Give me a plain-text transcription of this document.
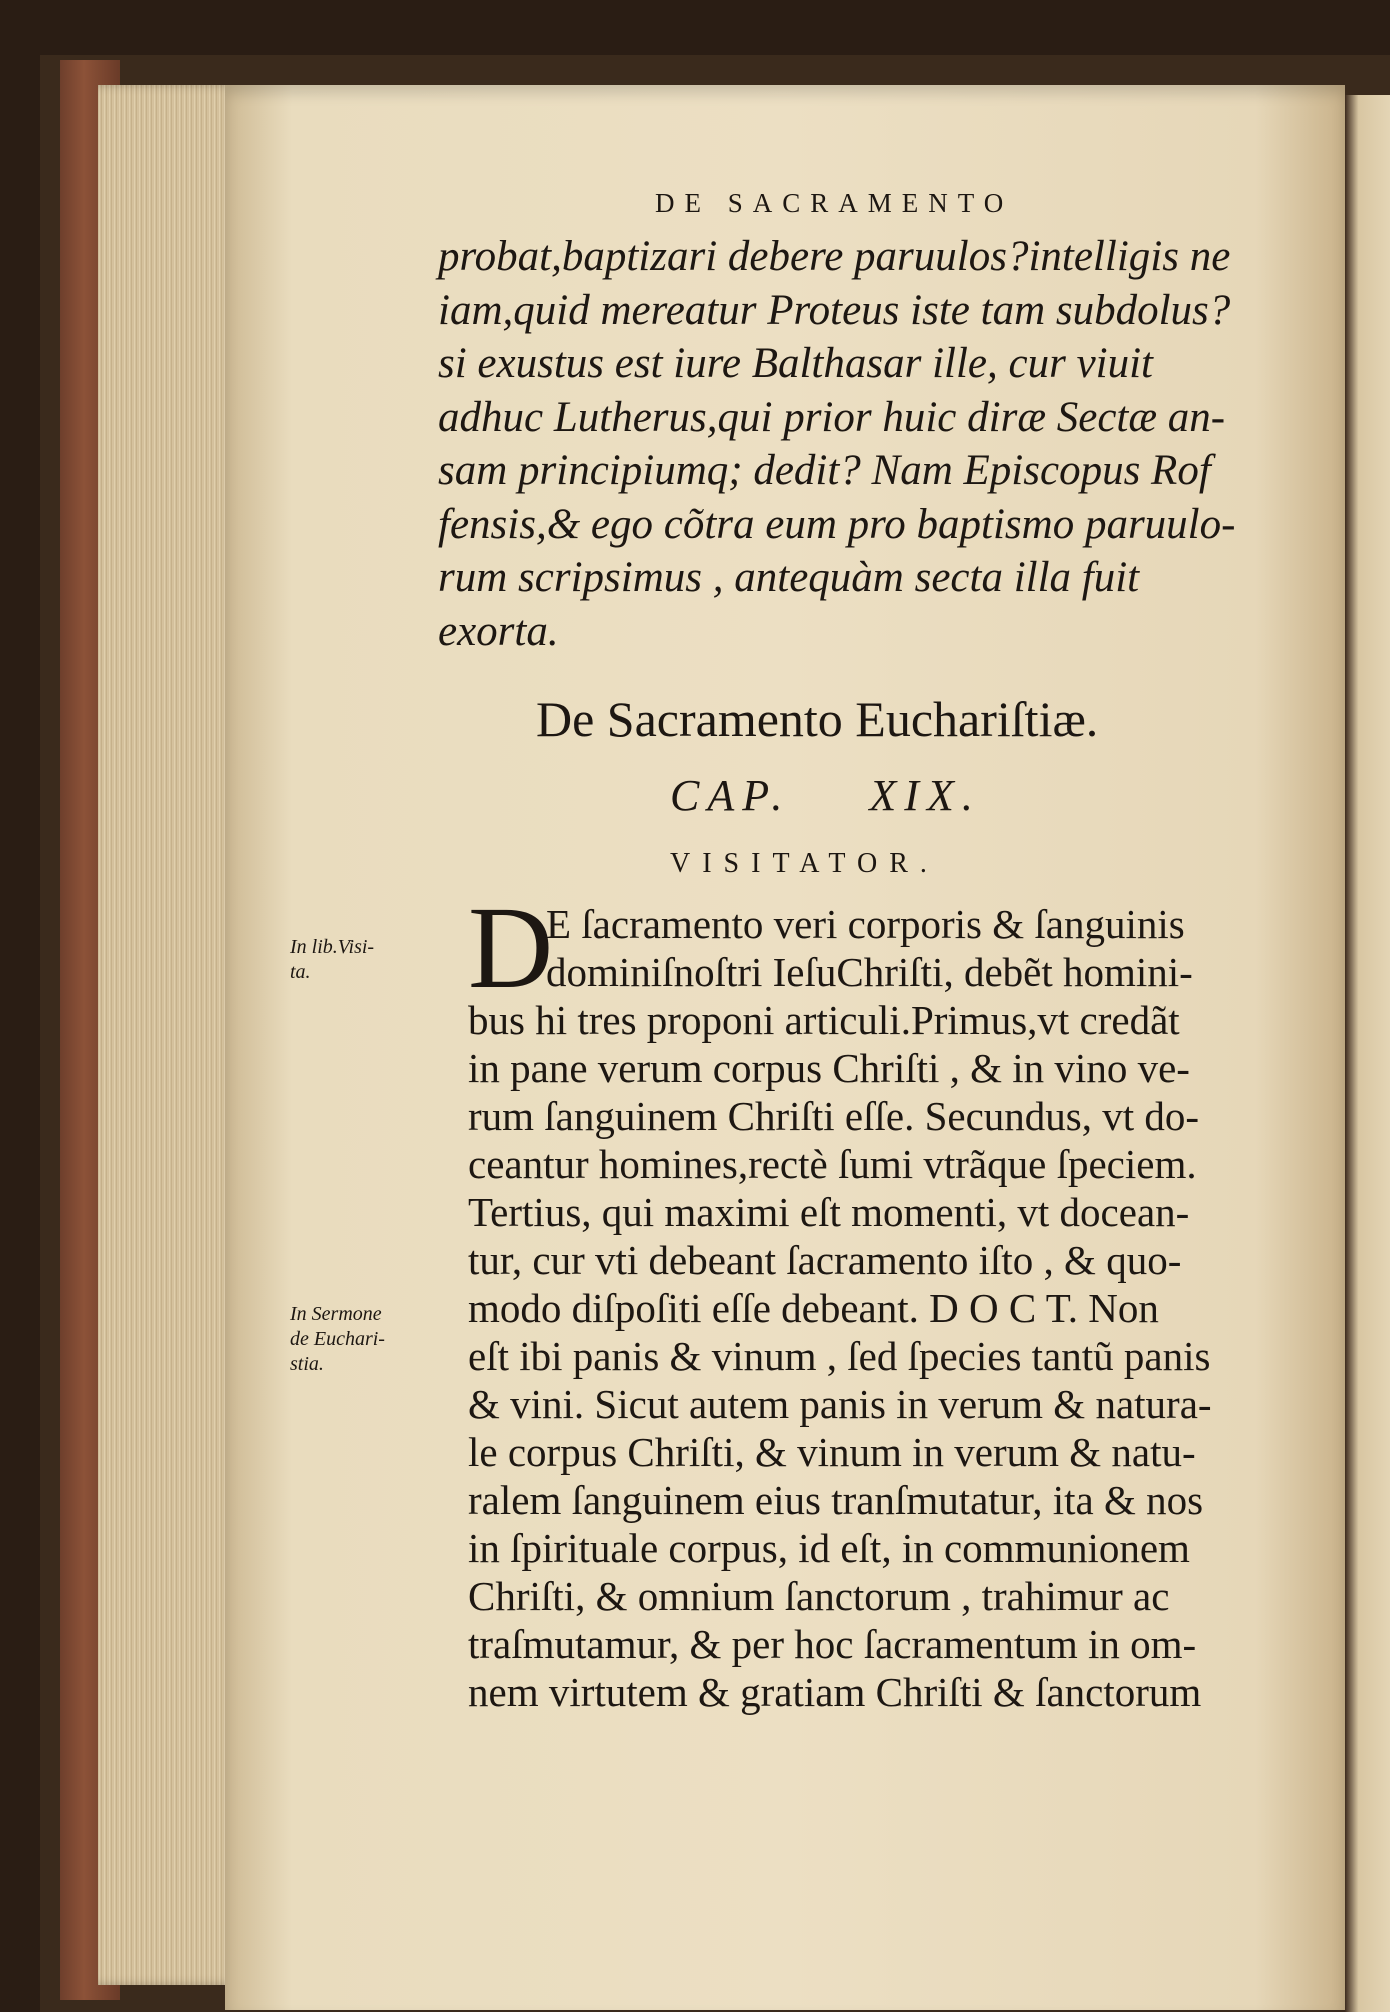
DE SACRAMENTO
probat,baptizari debere paruulos?intelligis ne
iam,quid mereatur Proteus iste tam subdolus?
si exustus est iure Balthasar ille, cur viuit
adhuc Lutherus,qui prior huic diræ Sectæ an-
sam principiumq; dedit? Nam Episcopus Rof
fensis,& ego cõtra eum pro baptismo paruulo-
rum scripsimus , antequàm secta illa fuit
exorta.
De Sacramento Euchariſtiæ.
CAP. XIX.
VISITATOR.
D
E ſacramento veri corporis & ſanguinis
dominiſnoſtri IeſuChriſti, debẽt homini-
bus hi tres proponi articuli.Primus,vt credãt
in pane verum corpus Chriſti , & in vino ve-
rum ſanguinem Chriſti eſſe. Secundus, vt do-
ceantur homines,rectè ſumi vtrãque ſpeciem.
Tertius, qui maximi eſt momenti, vt docean-
tur, cur vti debeant ſacramento iſto , & quo-
modo diſpoſiti eſſe debeant. D O C T. Non
eſt ibi panis & vinum , ſed ſpecies tantũ panis
& vini. Sicut autem panis in verum & natura-
le corpus Chriſti, & vinum in verum & natu-
ralem ſanguinem eius tranſmutatur, ita & nos
in ſpirituale corpus, id eſt, in communionem
Chriſti, & omnium ſanctorum , trahimur ac
traſmutamur, & per hoc ſacramentum in om-
nem virtutem & gratiam Chriſti & ſanctorum
In lib.Visi-
ta.
In Sermone
de Euchari-
stia.
